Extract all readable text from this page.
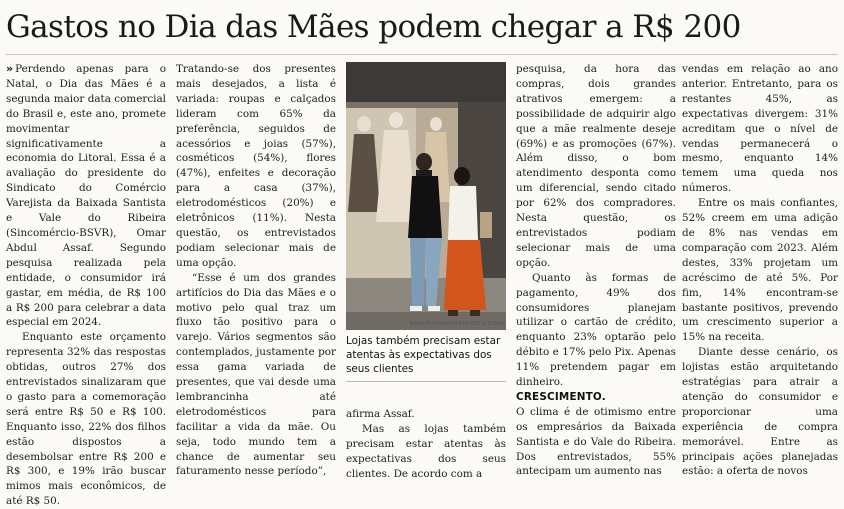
Gastos no Dia das Mães podem chegar a R$ 200

» Perdendo apenas para o Natal, o Dia das Mães é a segunda maior data comercial do Brasil e, este ano, promete movimentar significativamente a economia do Litoral. Essa é a avaliação do presidente do Sindicato do Comércio Varejista da Baixada Santista e Vale do Ribeira (Sincomércio-BSVR), Omar Abdul Assaf. Segundo pesquisa realizada pela entidade, o consumidor irá gastar, em média, de R$ 100 a R$ 200 para celebrar a data especial em 2024.

Enquanto este orçamento representa 32% das respostas obtidas, outros 27% dos entrevistados sinalizaram que o gasto para a comemoração será entre R$ 50 e R$ 100. Enquanto isso, 22% dos filhos estão dispostos a desembolsar entre R$ 200 e R$ 300, e 19% irão buscar mimos mais econômicos, de até R$ 50.

Tratando-se dos presentes mais desejados, a lista é variada: roupas e calçados lideram com 65% da preferência, seguidos de acessórios e joias (57%), cosméticos (54%), flores (47%), enfeites e decoração para a casa (37%), eletrodomésticos (20%) e eletrônicos (11%). Nesta questão, os entrevistados podiam selecionar mais de uma opção.

“Esse é um dos grandes artifícios do Dia das Mães e o motivo pelo qual traz um fluxo tão positivo para o varejo. Vários segmentos são contemplados, justamente por essa gama variada de presentes, que vai desde uma lembrancinha até eletrodomésticos para facilitar a vida da mãe. Ou seja, todo mundo tem a chance de aumentar seu faturamento nesse período”,

NAIR BUENO/DIÁRIO DO LITORAL
Lojas também precisam estar atentas às expectativas dos seus clientes

afirma Assaf.

Mas as lojas também precisam estar atentas às expectativas dos seus clientes. De acordo com a

pesquisa, da hora das compras, dois grandes atrativos emergem: a possibilidade de adquirir algo que a mãe realmente deseje (69%) e as promoções (67%). Além disso, o bom atendimento desponta como um diferencial, sendo citado por 62% dos compradores. Nesta questão, os entrevistados podiam selecionar mais de uma opção.

Quanto às formas de pagamento, 49% dos consumidores planejam utilizar o cartão de crédito, enquanto 23% optarão pelo débito e 17% pelo Pix. Apenas 11% pretendem pagar em dinheiro.

CRESCIMENTO.

O clima é de otimismo entre os empresários da Baixada Santista e do Vale do Ribeira. Dos entrevistados, 55% antecipam um aumento nas

vendas em relação ao ano anterior. Entretanto, para os restantes 45%, as expectativas divergem: 31% acreditam que o nível de vendas permanecerá o mesmo, enquanto 14% temem uma queda nos números.

Entre os mais confiantes, 52% creem em uma adição de 8% nas vendas em comparação com 2023. Além destes, 33% projetam um acréscimo de até 5%. Por fim, 14% encontram-se bastante positivos, prevendo um crescimento superior a 15% na receita.

Diante desse cenário, os lojistas estão arquitetando estratégias para atrair a atenção do consumidor e proporcionar uma experiência de compra memorável. Entre as principais ações planejadas estão: a oferta de novos
